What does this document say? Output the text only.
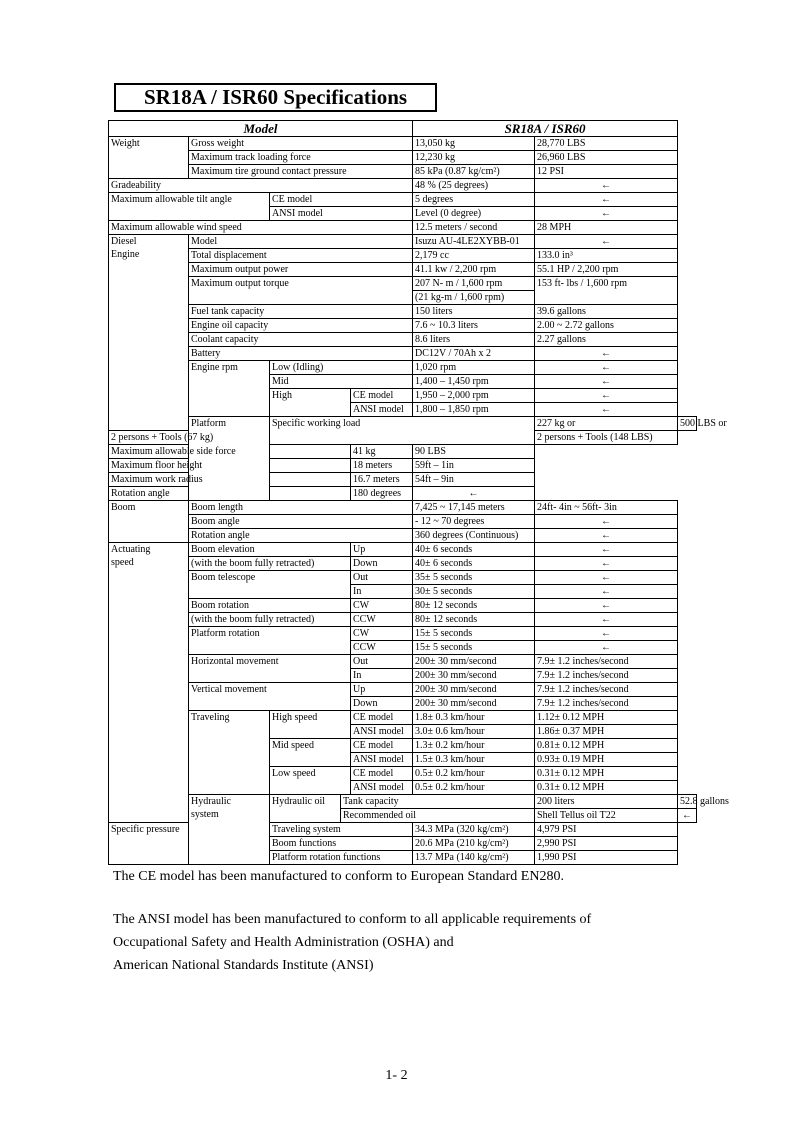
SR18A / ISR60 Specifications
Model					SR18A / ISR60		
Weight	Gross weight				13,050 kg	28,770 LBS	
	Maximum track loading force				12,230 kg	26,960 LBS	
	Maximum tire ground contact pressure				85 kPa (0.87 kg/cm²)	12 PSI	
Gradeability					48 % (25 degrees)	←	
Maximum allowable tilt angle		CE model			5 degrees	←	
		ANSI model			Level (0 degree)	←	
Maximum allowable wind speed					12.5 meters / second	28 MPH	
Diesel
Engine	Model				Isuzu AU-4LE2XYBB-01	←	
	Total displacement				2,179 cc	133.0 in³	
	Maximum output power				41.1 kw / 2,200 rpm	55.1 HP / 2,200 rpm	
	Maximum output torque				207 N- m / 1,600 rpm	153 ft- lbs / 1,600 rpm	
					(21 kg-m / 1,600 rpm)		
	Fuel tank capacity				150 liters	39.6 gallons	
	Engine oil capacity				7.6 ~ 10.3 liters	2.00 ~ 2.72 gallons	
	Coolant capacity				8.6 liters	2.27 gallons	
	Battery				DC12V / 70Ah x 2	←	
	Engine rpm	Low (Idling)			1,020 rpm	←	
		Mid			1,400 – 1,450 rpm	←	
		High		CE model	1,950 – 2,000 rpm	←	
				ANSI model	1,800 – 1,850 rpm	←	
	Platform	Specific working load				227 kg or	500 LBS or
2 persons + Tools (67 kg)						2 persons + Tools (148 LBS)	
Maximum allowable side force				41 kg	90 LBS		
Maximum floor height				18 meters	59ft – 1in		
Maximum work radius				16.7 meters	54ft – 9in		
Rotation angle				180 degrees	←		
Boom	Boom length				7,425 ~ 17,145 meters	24ft- 4in ~ 56ft- 3in	
	Boom angle				- 12 ~ 70 degrees	←	
	Rotation angle				360 degrees (Continuous)	←	
Actuating
speed	Boom elevation			Up	40± 6 seconds	←	
	(with the boom fully retracted)			Down	40± 6 seconds	←	
	Boom telescope			Out	35± 5 seconds	←	
				In	30± 5 seconds	←	
	Boom rotation			CW	80± 12 seconds	←	
	(with the boom fully retracted)			CCW	80± 12 seconds	←	
	Platform rotation			CW	15± 5 seconds	←	
				CCW	15± 5 seconds	←	
	Horizontal movement			Out	200± 30 mm/second	7.9± 1.2 inches/second	
				In	200± 30 mm/second	7.9± 1.2 inches/second	
	Vertical movement			Up	200± 30 mm/second	7.9± 1.2 inches/second	
				Down	200± 30 mm/second	7.9± 1.2 inches/second	
	Traveling	High speed		CE model	1.8± 0.3 km/hour	1.12± 0.12 MPH	
				ANSI model	3.0± 0.6 km/hour	1.86± 0.37 MPH	
		Mid speed		CE model	1.3± 0.2 km/hour	0.81± 0.12 MPH	
				ANSI model	1.5± 0.3 km/hour	0.93± 0.19 MPH	
		Low speed		CE model	0.5± 0.2 km/hour	0.31± 0.12 MPH	
				ANSI model	0.5± 0.2 km/hour	0.31± 0.12 MPH	
	Hydraulic
system	Hydraulic oil	Tank capacity			200 liters	52.8 gallons
			Recommended oil			Shell Tellus oil T22	←
Specific pressure		Traveling system			34.3 MPa (320 kg/cm²)	4,979 PSI	
		Boom functions			20.6 MPa (210 kg/cm²)	2,990 PSI	
		Platform rotation functions			13.7 MPa (140 kg/cm²)	1,990 PSI	
The CE model has been manufactured to conform to European Standard EN280.
The ANSI model has been manufactured to conform to all applicable requirements of
Occupational Safety and Health Administration (OSHA) and
American National Standards Institute (ANSI)
1- 2
